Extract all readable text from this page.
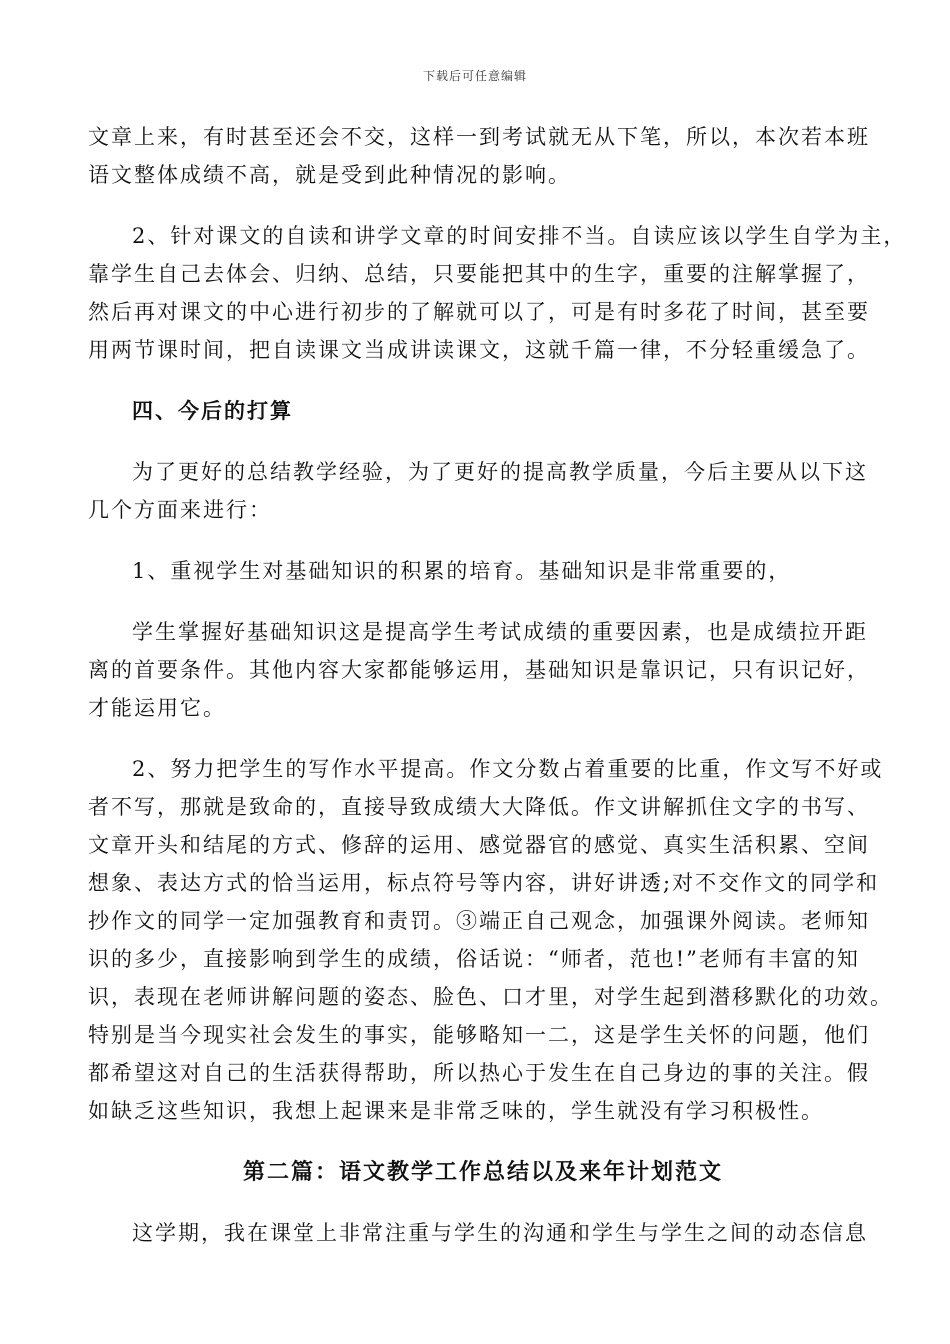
下载后可任意编辑
文章上来，有时甚至还会不交，这样一到考试就无从下笔，所以，本次若本班
语文整体成绩不高，就是受到此种情况的影响。
2、针对课文的自读和讲学文章的时间安排不当。自读应该以学生自学为主，
靠学生自己去体会、归纳、总结，只要能把其中的生字，重要的注解掌握了，
然后再对课文的中心进行初步的了解就可以了，可是有时多花了时间，甚至要
用两节课时间，把自读课文当成讲读课文，这就千篇一律，不分轻重缓急了。
四、今后的打算
为了更好的总结教学经验，为了更好的提高教学质量，今后主要从以下这
几个方面来进行：
1、重视学生对基础知识的积累的培育。基础知识是非常重要的，
学生掌握好基础知识这是提高学生考试成绩的重要因素，也是成绩拉开距
离的首要条件。其他内容大家都能够运用，基础知识是靠识记，只有识记好，
才能运用它。
2、努力把学生的写作水平提高。作文分数占着重要的比重，作文写不好或
者不写，那就是致命的，直接导致成绩大大降低。作文讲解抓住文字的书写、
文章开头和结尾的方式、修辞的运用、感觉器官的感觉、真实生活积累、空间
想象、表达方式的恰当运用，标点符号等内容，讲好讲透;对不交作文的同学和
抄作文的同学一定加强教育和责罚。③端正自己观念，加强课外阅读。老师知
识的多少，直接影响到学生的成绩，俗话说：“师者，范也!”老师有丰富的知
识，表现在老师讲解问题的姿态、脸色、口才里，对学生起到潜移默化的功效。
特别是当今现实社会发生的事实，能够略知一二，这是学生关怀的问题，他们
都希望这对自己的生活获得帮助，所以热心于发生在自己身边的事的关注。假
如缺乏这些知识，我想上起课来是非常乏味的，学生就没有学习积极性。
第二篇：语文教学工作总结以及来年计划范文
这学期，我在课堂上非常注重与学生的沟通和学生与学生之间的动态信息
